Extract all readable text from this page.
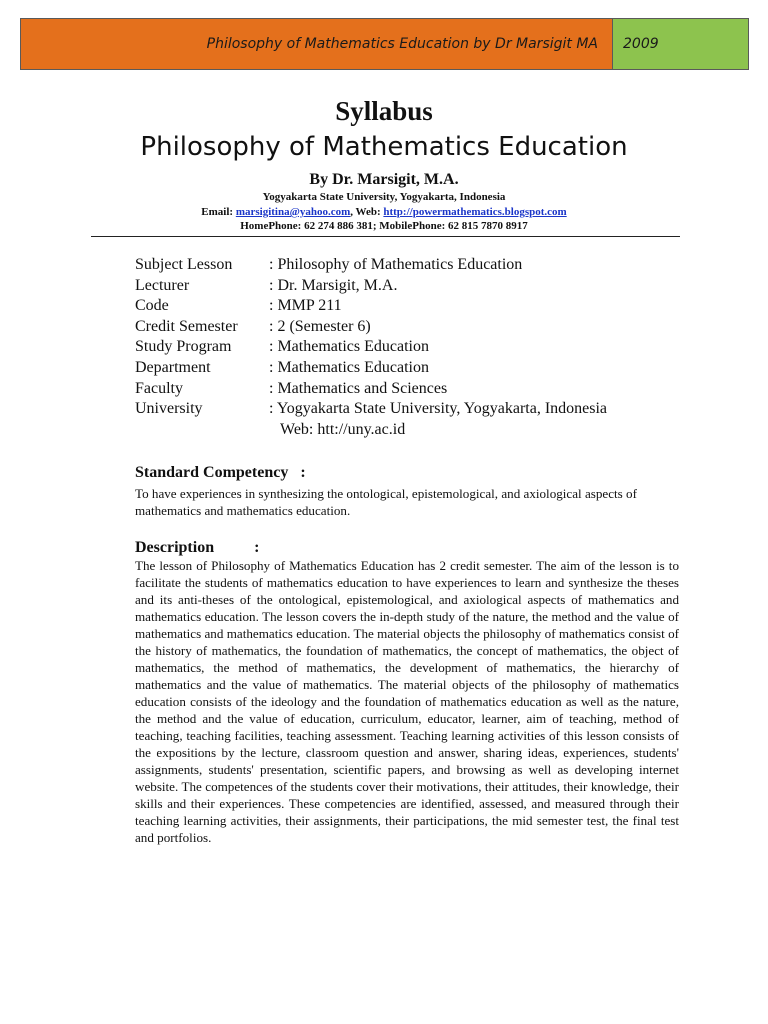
Philosophy of Mathematics Education by Dr Marsigit MA 2009
Syllabus
Philosophy of Mathematics Education
By Dr. Marsigit, M.A.
Yogyakarta State University, Yogyakarta, Indonesia
Email: marsigitina@yahoo.com, Web: http://powermathematics.blogspot.com
HomePhone: 62 274 886 381; MobilePhone: 62 815 7870 8917
Subject Lesson	: Philosophy of Mathematics Education
Lecturer	: Dr. Marsigit, M.A.
Code	: MMP 211
Credit Semester	: 2 (Semester 6)
Study Program	: Mathematics Education
Department	: Mathematics Education
Faculty	: Mathematics and Sciences
University	: Yogyakarta State University, Yogyakarta, Indonesia
Web: htt://uny.ac.id
Standard Competency   :
To have experiences in synthesizing the ontological, epistemological, and axiological aspects of mathematics and mathematics education.
Description          :
The lesson of Philosophy of Mathematics Education has 2 credit semester. The aim of the lesson is to facilitate the students of mathematics education to have experiences to learn and synthesize the theses and its anti-theses of the ontological, epistemological, and axiological aspects of mathematics and mathematics education. The lesson covers the in-depth study of the nature, the method and the value of mathematics and mathematics education. The material objects the philosophy of mathematics consist of the history of mathematics, the foundation of mathematics, the concept of mathematics, the object of mathematics, the method of mathematics, the development of mathematics, the hierarchy of mathematics and the value of mathematics. The material objects of the philosophy of mathematics education consists of the ideology and the foundation of mathematics education as well as the nature, the method and the value of education, curriculum, educator, learner, aim of teaching, method of teaching, teaching facilities, teaching assessment. Teaching learning activities of this lesson consists of the expositions by the lecture, classroom question and answer, sharing ideas, experiences, students' assignments, students' presentation, scientific papers, and browsing as well as developing internet website. The competences of the students cover their motivations, their attitudes, their knowledge, their skills and their experiences. These competencies are identified, assessed, and measured through their teaching learning activities, their assignments, their participations, the mid semester test, the final test and portfolios.
